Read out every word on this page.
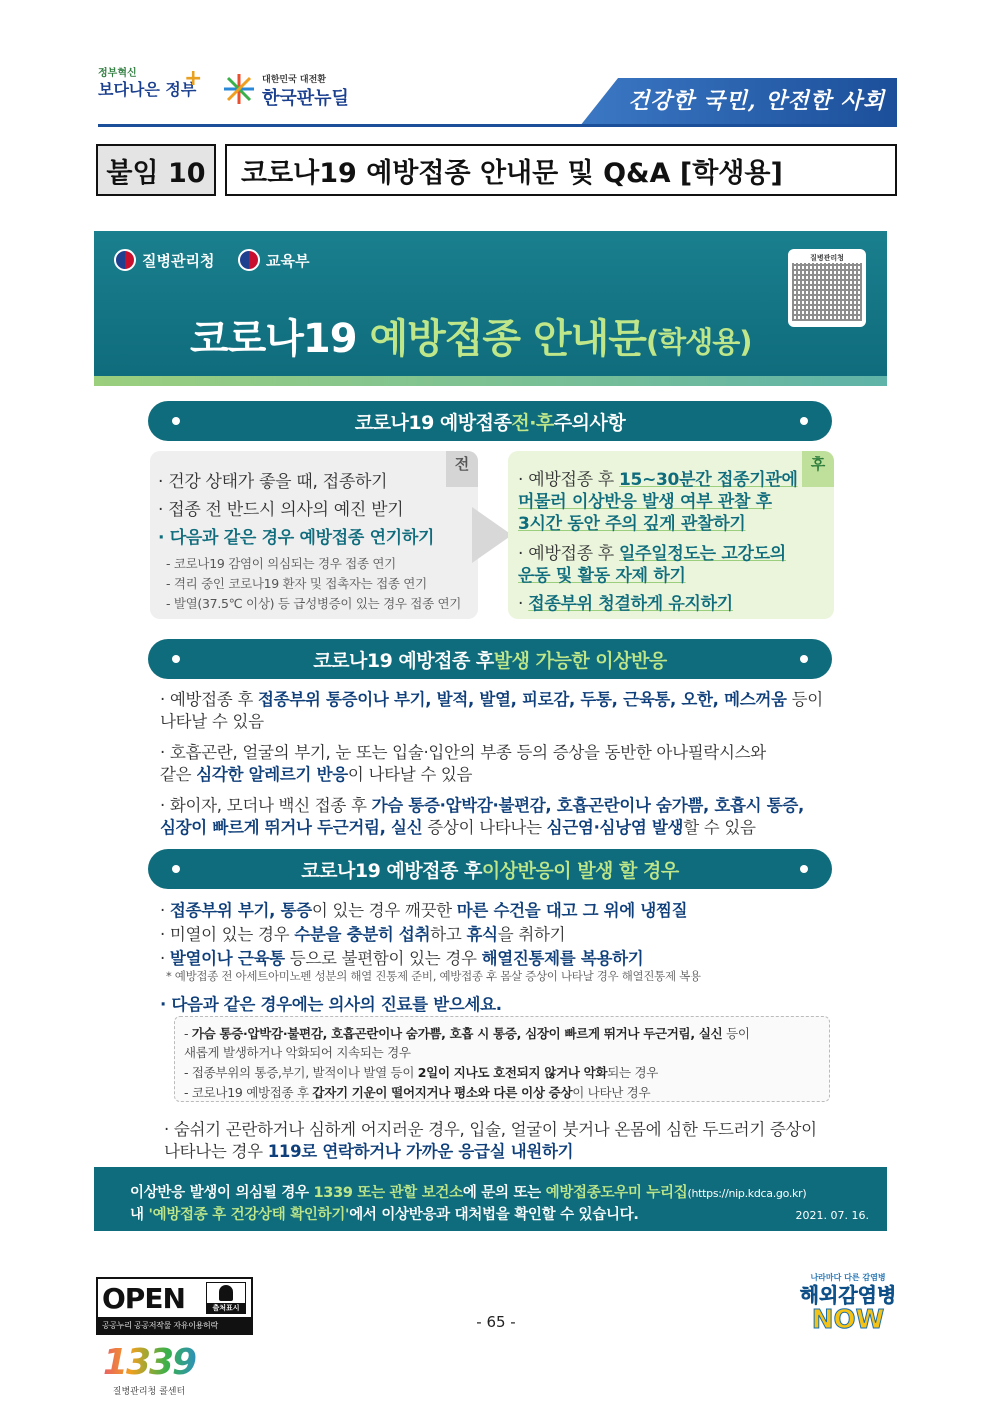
정부혁신
보다나은 정부
+	대한민국 대전환
한국판뉴딜	건강한 국민, 안전한 사회
붙임 10	코로나19 예방접종 안내문 및 Q&A [학생용]
질병관리청	교육부	질병관리청
코로나19 예방접종 안내문(학생용)
코로나19 예방접종 전·후 주의사항
전	후
· 건강 상태가 좋을 때, 접종하기
· 접종 전 반드시 의사의 예진 받기
· 다음과 같은 경우 예방접종 연기하기
- 코로나19 감염이 의심되는 경우 접종 연기
- 격리 중인 코로나19 환자 및 접촉자는 접종 연기
- 발열(37.5℃ 이상) 등 급성병증이 있는 경우 접종 연기
· 예방접종 후 15~30분간 접종기관에
머물러 이상반응 발생 여부 관찰 후
3시간 동안 주의 깊게 관찰하기
· 예방접종 후 일주일정도는 고강도의
운동 및 활동 자제 하기
· 접종부위 청결하게 유지하기
코로나19 예방접종 후 발생 가능한 이상반응
· 예방접종 후 접종부위 통증이나 부기, 발적, 발열, 피로감, 두통, 근육통, 오한, 메스꺼움 등이
나타날 수 있음
· 호흡곤란, 얼굴의 부기, 눈 또는 입술·입안의 부종 등의 증상을 동반한 아나필락시스와
같은 심각한 알레르기 반응이 나타날 수 있음
· 화이자, 모더나 백신 접종 후 가슴 통증·압박감·불편감, 호흡곤란이나 숨가쁨, 호흡시 통증,
심장이 빠르게 뛰거나 두근거림, 실신 증상이 나타나는 심근염·심낭염 발생할 수 있음
코로나19 예방접종 후 이상반응이 발생 할 경우
· 접종부위 부기, 통증이 있는 경우 깨끗한 마른 수건을 대고 그 위에 냉찜질
· 미열이 있는 경우 수분을 충분히 섭취하고 휴식을 취하기
· 발열이나 근육통 등으로 불편함이 있는 경우 해열진통제를 복용하기
* 예방접종 전 아세트아미노펜 성분의 해열 진통제 준비, 예방접종 후 몸살 증상이 나타날 경우 해열진통제 복용
· 다음과 같은 경우에는 의사의 진료를 받으세요.
- 가슴 통증·압박감·불편감, 호흡곤란이나 숨가쁨, 호흡 시 통증, 심장이 빠르게 뛰거나 두근거림, 실신 등이
새롭게 발생하거나 악화되어 지속되는 경우
- 접종부위의 통증,부기, 발적이나 발열 등이 2일이 지나도 호전되지 않거나 악화되는 경우
- 코로나19 예방접종 후 갑자기 기운이 떨어지거나 평소와 다른 이상 증상이 나타난 경우
· 숨쉬기 곤란하거나 심하게 어지러운 경우, 입술, 얼굴이 붓거나 온몸에 심한 두드러기 증상이
나타나는 경우 119로 연락하거나 가까운 응급실 내원하기
이상반응 발생이 의심될 경우 1339 또는 관할 보건소에 문의 또는 예방접종도우미 누리집(https://nip.kdca.go.kr)
내 '예방접종 후 건강상태 확인하기'에서 이상반응과 대처법을 확인할 수 있습니다.	2021. 07. 16.
OPEN	출처표시
공공누리 공공저작물 자유이용허락	- 65 -
나라마다 다른 감염병
해외감염병
NOW
1339
질병관리청 콜센터
